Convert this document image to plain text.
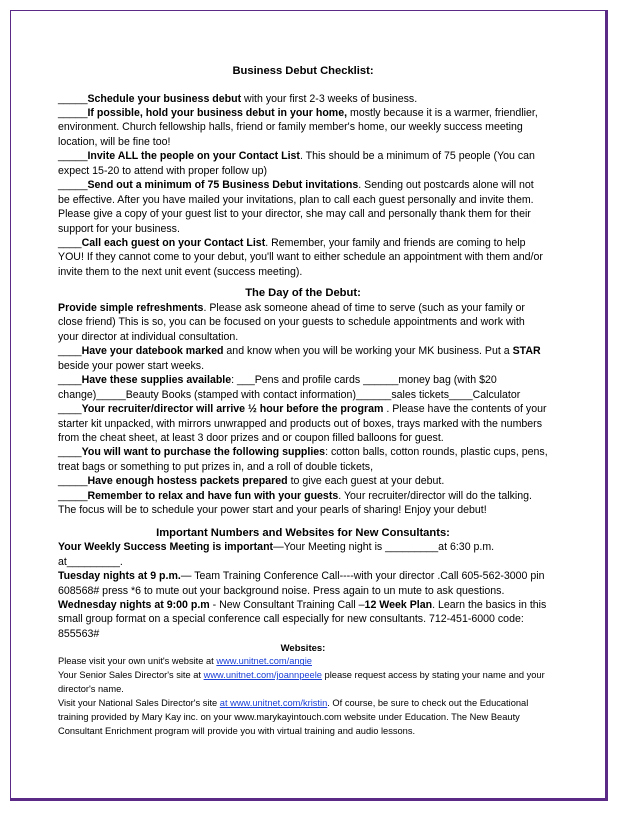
Business Debut Checklist:

_____Schedule your business debut with your first 2-3 weeks of business.

_____If possible, hold your business debut in your home, mostly because it is a warmer, friendlier, environment. Church fellowship halls, friend or family member's home, our weekly success meeting location, will be fine too!

_____Invite ALL the people on your Contact List. This should be a minimum of 75 people (You can expect 15-20 to attend with proper follow up)

_____Send out a minimum of 75 Business Debut invitations. Sending out postcards alone will not be effective. After you have mailed your invitations, plan to call each guest personally and invite them. Please give a copy of your guest list to your director, she may call and personally thank them for their support for your business.

____Call each guest on your Contact List. Remember, your family and friends are coming to help YOU! If they cannot come to your debut, you'll want to either schedule an appointment with them and/or invite them to the next unit event (success meeting).

The Day of the Debut:

Provide simple refreshments. Please ask someone ahead of time to serve (such as your family or close friend) This is so, you can be focused on your guests to schedule appointments and work with your director at individual consultation.

____Have your datebook marked and know when you will be working your MK business. Put a STAR beside your power start weeks.

____Have these supplies available: ___Pens and profile cards ______money bag (with $20 change)_____Beauty Books (stamped with contact information)______sales tickets____Calculator

____Your recruiter/director will arrive ½ hour before the program . Please have the contents of your starter kit unpacked, with mirrors unwrapped and products out of boxes, trays marked with the numbers from the cheat sheet, at least 3 door prizes and or coupon filled balloons for guest.

____You will want to purchase the following supplies: cotton balls, cotton rounds, plastic cups, pens, treat bags or something to put prizes in, and a roll of double tickets,

_____Have enough hostess packets prepared to give each guest at your debut.

_____Remember to relax and have fun with your guests. Your recruiter/director will do the talking. The focus will be to schedule your power start and your pearls of sharing! Enjoy your debut!

Important Numbers and Websites for New Consultants:

Your Weekly Success Meeting is important—Your Meeting night is _________at 6:30 p.m. at_________.

Tuesday nights at 9 p.m.— Team Training Conference Call----with your director .Call 605-562-3000 pin 608568# press *6 to mute out your background noise. Press again to un mute to ask questions.

Wednesday nights at 9:00 p.m - New Consultant Training Call –12 Week Plan. Learn the basics in this small group format on a special conference call especially for new consultants. 712-451-6000 code: 855563#

Websites:

Please visit your own unit's website at www.unitnet.com/angie

Your Senior Sales Director's site at www.unitnet.com/joannpeele please request access by stating your name and your director's name.

Visit your National Sales Director's site at www.unitnet.com/kristin. Of course, be sure to check out the Educational training provided by Mary Kay inc. on your www.marykayintouch.com website under Education. The New Beauty Consultant Enrichment program will provide you with virtual training and audio lessons.
